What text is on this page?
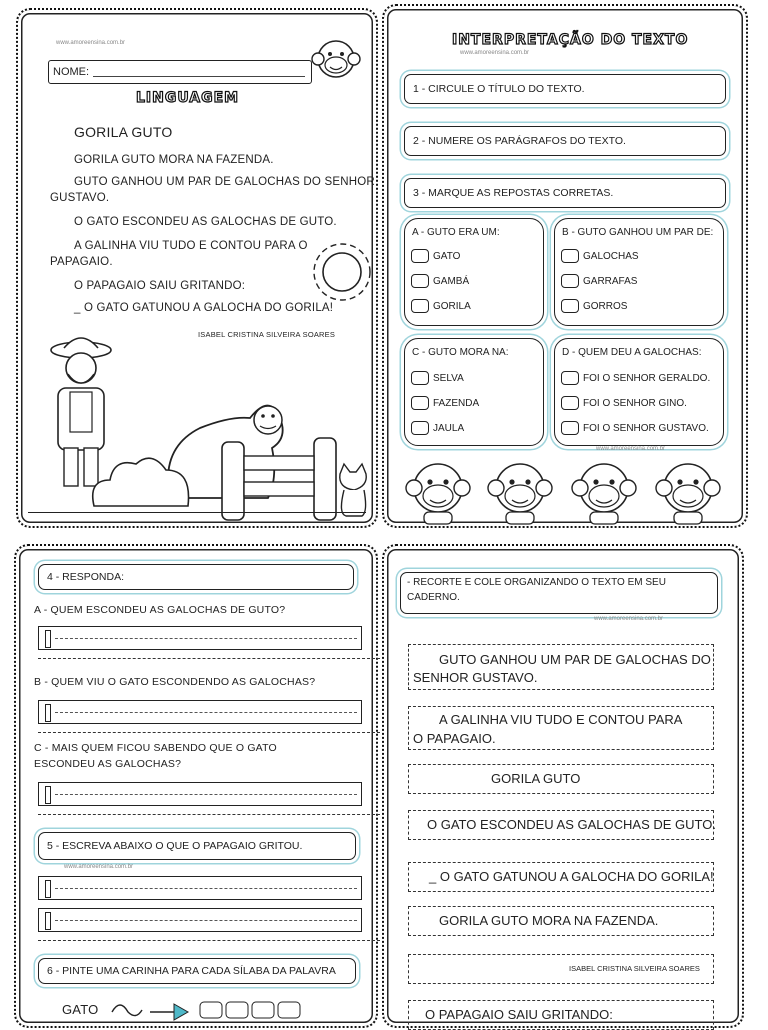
www.amoreensina.com.br
NOME:
LINGUAGEM
GORILA GUTO
GORILA GUTO MORA NA FAZENDA.
GUTO GANHOU UM PAR DE GALOCHAS DO SENHOR
GUSTAVO.
O GATO ESCONDEU AS GALOCHAS DE GUTO.
A GALINHA VIU TUDO E CONTOU PARA O
PAPAGAIO.
O PAPAGAIO SAIU GRITANDO:
_ O GATO GATUNOU A GALOCHA DO GORILA!
ISABEL CRISTINA SILVEIRA SOARES
INTERPRETAÇÃO DO TEXTO
www.amoreensina.com.br
1 - CIRCULE O TÍTULO DO TEXTO.
2 - NUMERE OS PARÁGRAFOS DO TEXTO.
3 - MARQUE AS REPOSTAS CORRETAS.
A - GUTO ERA UM:
GATO
GAMBÁ
GORILA
B - GUTO GANHOU UM PAR DE:
GALOCHAS
GARRAFAS
GORROS
C - GUTO MORA NA:
SELVA
FAZENDA
JAULA
D - QUEM DEU A GALOCHAS:
FOI O SENHOR GERALDO.
FOI O SENHOR GINO.
FOI O SENHOR GUSTAVO.
www.amoreensina.com.br
4 - RESPONDA:
A - QUEM ESCONDEU AS GALOCHAS DE GUTO?
B - QUEM VIU O GATO ESCONDENDO AS GALOCHAS?
C - MAIS QUEM FICOU SABENDO QUE O GATO
ESCONDEU AS GALOCHAS?
5 - ESCREVA ABAIXO O QUE O PAPAGAIO GRITOU.
www.amoreensina.com.br
6 - PINTE UMA CARINHA PARA CADA SÍLABA DA PALAVRA
GATO
- RECORTE E COLE ORGANIZANDO O TEXTO EM SEU
CADERNO.
www.amoreensina.com.br
GUTO GANHOU UM PAR DE GALOCHAS DO
SENHOR GUSTAVO.
A GALINHA VIU TUDO E CONTOU PARA
O PAPAGAIO.
GORILA GUTO
O GATO ESCONDEU AS GALOCHAS DE GUTO.
_ O GATO GATUNOU A GALOCHA DO GORILA!
GORILA GUTO MORA NA FAZENDA.
ISABEL CRISTINA SILVEIRA SOARES
O PAPAGAIO SAIU GRITANDO:
